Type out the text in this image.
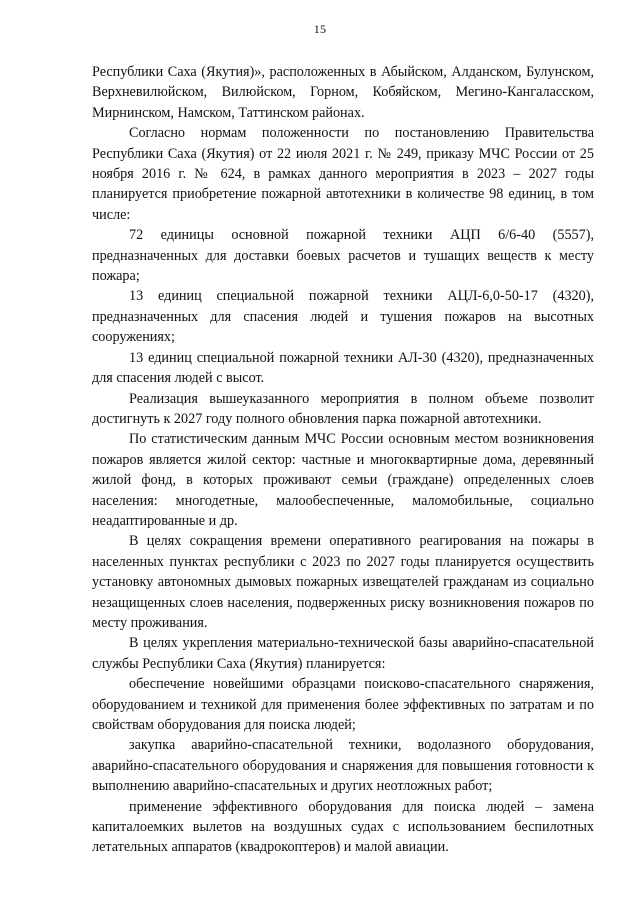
15

Республики Саха (Якутия)», расположенных в Абыйском, Алданском, Булунском, Верхневилюйском, Вилюйском, Горном, Кобяйском, Мегино-Кангаласском, Мирнинском, Намском, Таттинском районах.

Согласно нормам положенности по постановлению Правительства Республики Саха (Якутия) от 22 июля 2021 г. № 249, приказу МЧС России от 25 ноября 2016 г. № 624, в рамках данного мероприятия в 2023 – 2027 годы планируется приобретение пожарной автотехники в количестве 98 единиц, в том числе:

72 единицы основной пожарной техники АЦП 6/6-40 (5557), предназначенных для доставки боевых расчетов и тушащих веществ к месту пожара;

13 единиц специальной пожарной техники АЦЛ-6,0-50-17 (4320), предназначенных для спасения людей и тушения пожаров на высотных сооружениях;

13 единиц специальной пожарной техники АЛ-30 (4320), предназначенных для спасения людей с высот.

Реализация вышеуказанного мероприятия в полном объеме позволит достигнуть к 2027 году полного обновления парка пожарной автотехники.

По статистическим данным МЧС России основным местом возникновения пожаров является жилой сектор: частные и многоквартирные дома, деревянный жилой фонд, в которых проживают семьи (граждане) определенных слоев населения: многодетные, малообеспеченные, маломобильные, социально неадаптированные и др.

В целях сокращения времени оперативного реагирования на пожары в населенных пунктах республики с 2023 по 2027 годы планируется осуществить установку автономных дымовых пожарных извещателей гражданам из социально незащищенных слоев населения, подверженных риску возникновения пожаров по месту проживания.

В целях укрепления материально-технической базы аварийно-спасательной службы Республики Саха (Якутия) планируется:

обеспечение новейшими образцами поисково-спасательного снаряжения, оборудованием и техникой для применения более эффективных по затратам и по свойствам оборудования для поиска людей;

закупка аварийно-спасательной техники, водолазного оборудования, аварийно-спасательного оборудования и снаряжения для повышения готовности к выполнению аварийно-спасательных и других неотложных работ;

применение эффективного оборудования для поиска людей – замена капиталоемких вылетов на воздушных судах с использованием беспилотных летательных аппаратов (квадрокоптеров) и малой авиации.
